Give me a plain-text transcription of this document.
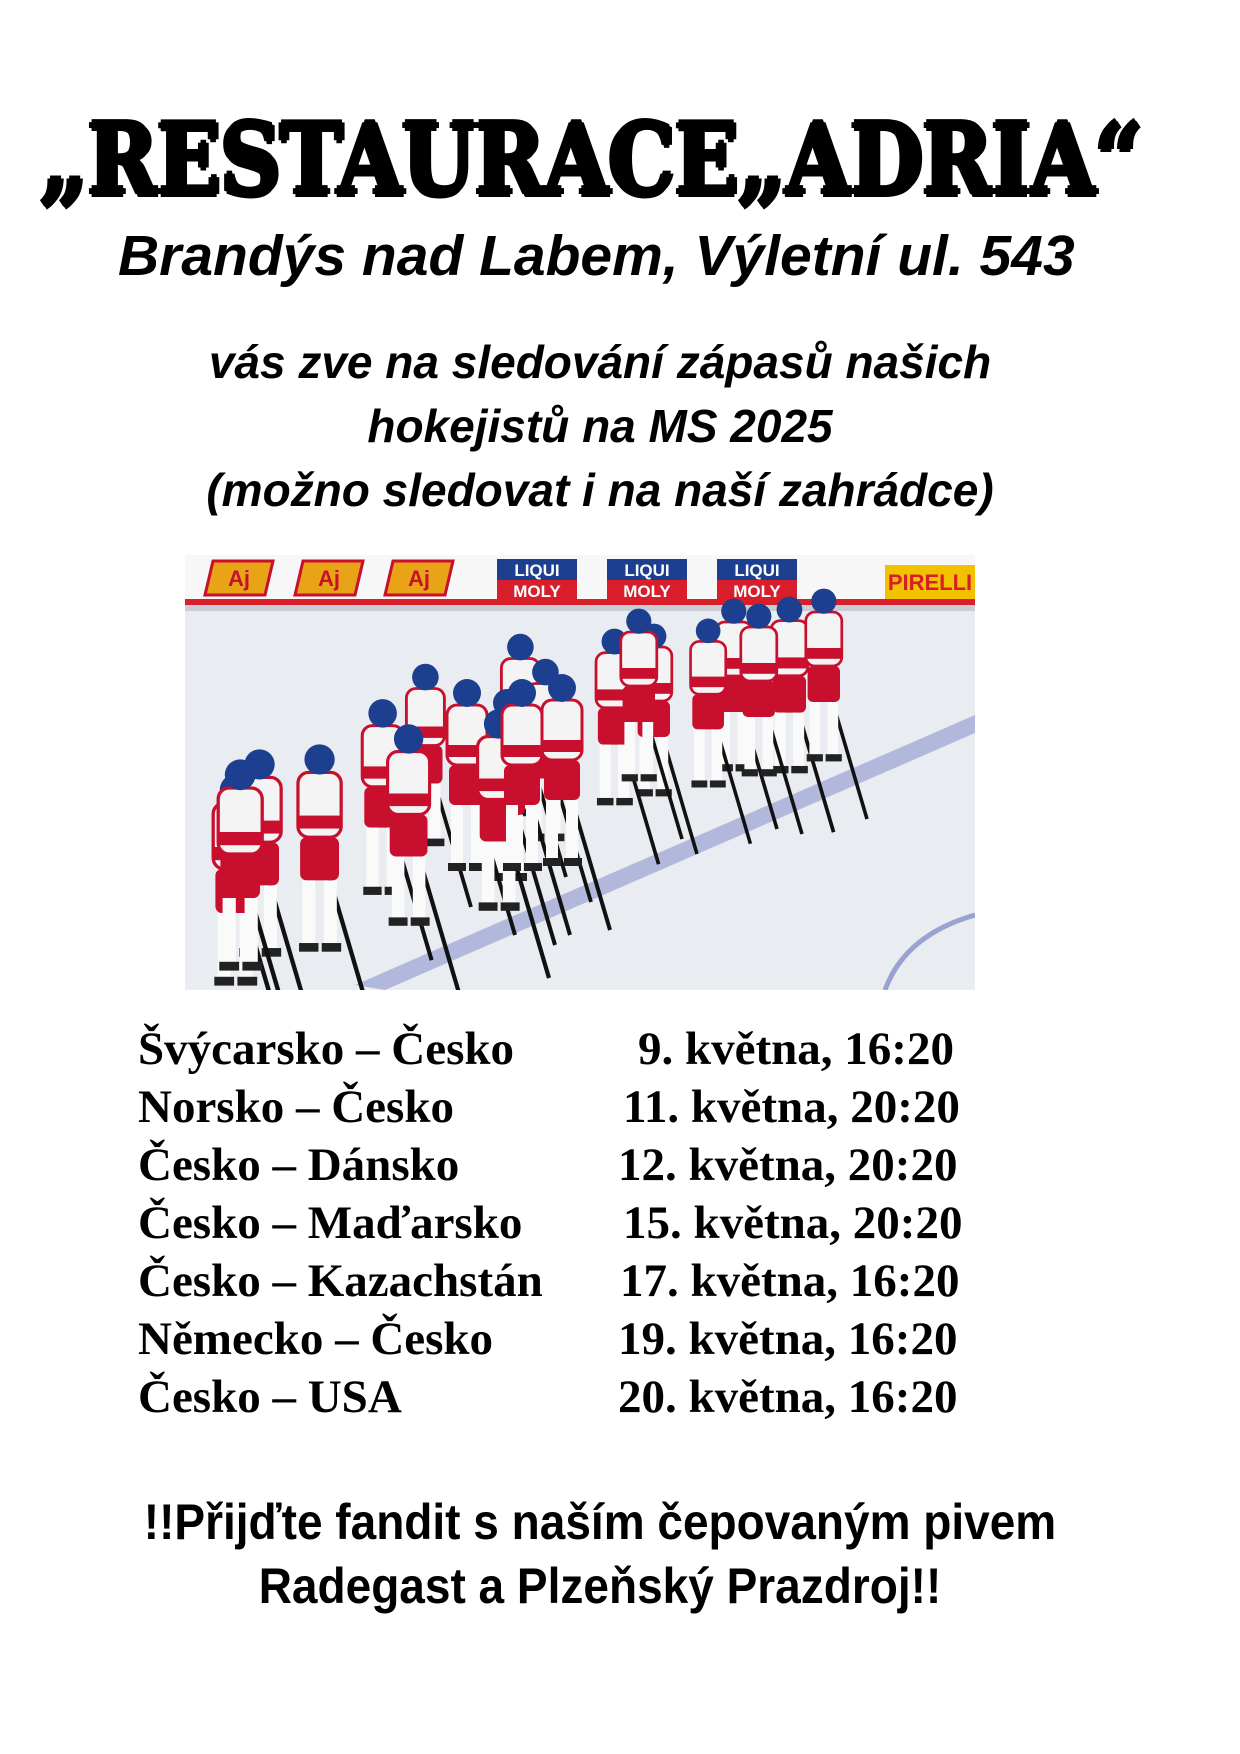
„RESTAURACE„ADRIA“
Brandýs nad Labem, Výletní ul. 543
vás zve na sledování zápasů našich
hokejistů na MS 2025
(možno sledovat i na naší zahrádce)
Aj	Aj	Aj	LIQUI
MOLY
LIQUI
MOLY
LIQUI
MOLY	PIRELLI
Švýcarsko – Česko	9. května, 16:20
Norsko – Česko	11. května, 20:20
Česko – Dánsko	12. května, 20:20
Česko – Maďarsko 15. května, 20:20
Česko – Kazachstán 17. května, 16:20
Německo – Česko	19. května, 16:20
Česko – USA	20. května, 16:20
!!Přijďte fandit s naším čepovaným pivem
Radegast a Plzeňský Prazdroj!!
